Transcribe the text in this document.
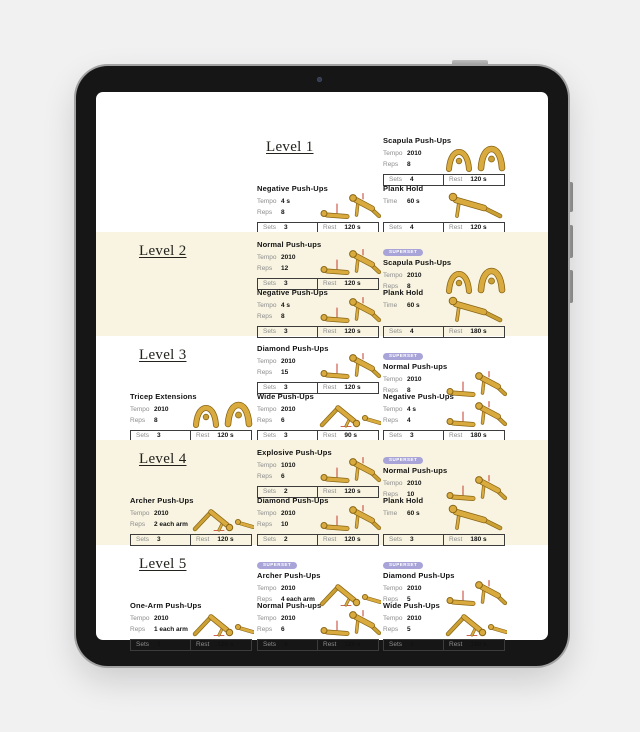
Level 1	Scapula Push-Ups
Tempo 2010
Reps	8
Sets 4	Rest 120 s
Negative Push-Ups
Tempo 4 s
Reps	8
Sets 3	Rest 120 s
Plank Hold
Time	60 s
Sets 4	Rest 120 s
Level 2	Normal Push-ups
Tempo 2010
Reps	12
Sets 3	Rest 120 s
SUPERSET

Scapula Push-Ups
Tempo 2010
Reps	8
Negative Push-Ups
Tempo 4 s
Reps	8
Sets 3	Rest 120 s
Plank Hold
Time	60 s
Sets 4	Rest 180 s
Level 3	Diamond Push-Ups
Tempo 2010
Reps	15
Sets 3	Rest 120 s
SUPERSET

Normal Push-ups
Tempo 2010
Reps	8
Tricep Extensions
Tempo 2010
Reps	8
Sets 3	Rest 120 s
Wide Push-Ups
Tempo 2010
Reps	6
Sets 3	Rest 90 s
Negative Push-Ups
Tempo 4 s
Reps	4
Sets 3	Rest 180 s
Level 4	Explosive Push-Ups
Tempo 1010
Reps	6
Sets 2	Rest 120 s
SUPERSET

Normal Push-ups
Tempo 2010
Reps	10
Archer Push-Ups
Tempo 2010
Reps	2 each arm
Sets 3	Rest 120 s
Diamond Push-Ups
Tempo 2010
Reps	10
Sets 2	Rest 120 s
Plank Hold
Time	60 s
Sets 3	Rest 180 s
Level 5	SUPERSET

Archer Push-Ups
Tempo 2010
Reps	4 each arm
SUPERSET

Diamond Push-Ups
Tempo 2010
Reps	5
One-Arm Push-Ups
Tempo 2010
Reps	1 each arm
Sets 3	Rest 120 s
Normal Push-ups
Tempo 2010
Reps	6
Sets 5	Rest 120 s
Wide Push-Ups
Tempo 2010
Reps	5
Sets 4	Rest 180 s
